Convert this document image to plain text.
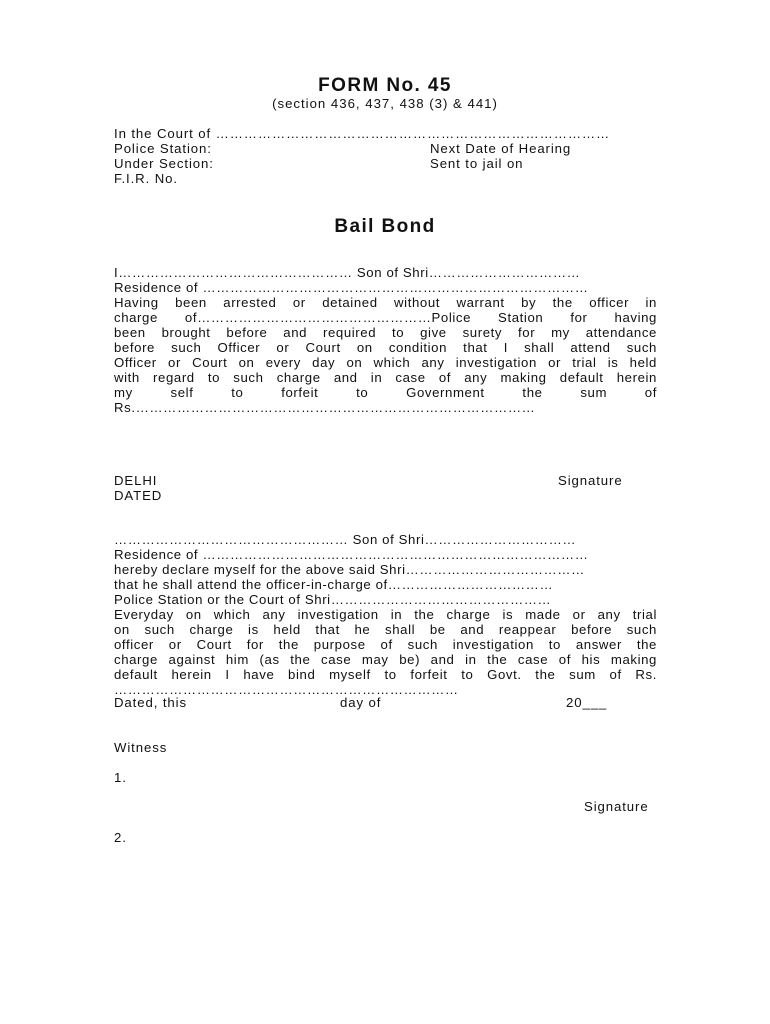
FORM No. 45
(section 436, 437, 438 (3) & 441)
In the Court of …………………………………………………………………………
Police Station:	Next Date of Hearing
Under Section:	Sent to jail on
F.I.R. No.
Bail Bond
I…………………………………………… Son of Shri……………………………
Residence of …………………………………………………………………………
Having been arrested or detained without warrant by the officer in
charge of……………………………………………Police Station for having
been brought before and required to give surety for my attendance
before such Officer or Court on condition that I shall attend such
Officer or Court on every day on which any investigation or trial is held
with regard to such charge and in case of any making default herein
my self to forfeit to Government the sum of
Rs.……………………………………………………………………………
DELHI	Signature
DATED
…………………………………………… Son of Shri……………………………
Residence of …………………………………………………………………………
hereby declare myself for the above said Shri…………………………………
that he shall attend the officer-in-charge of………………………………
Police Station or the Court of Shri…………………………………………
Everyday on which any investigation in the charge is made or any trial
on such charge is held that he shall be and reappear before such
officer or Court for the purpose of such investigation to answer the
charge against him (as the case may be) and in the case of his making
default herein I have bind myself to forfeit to Govt. the sum of Rs.
…………………………………………………………………
Dated, this	day of	20___
Witness
1.
Signature
2.
